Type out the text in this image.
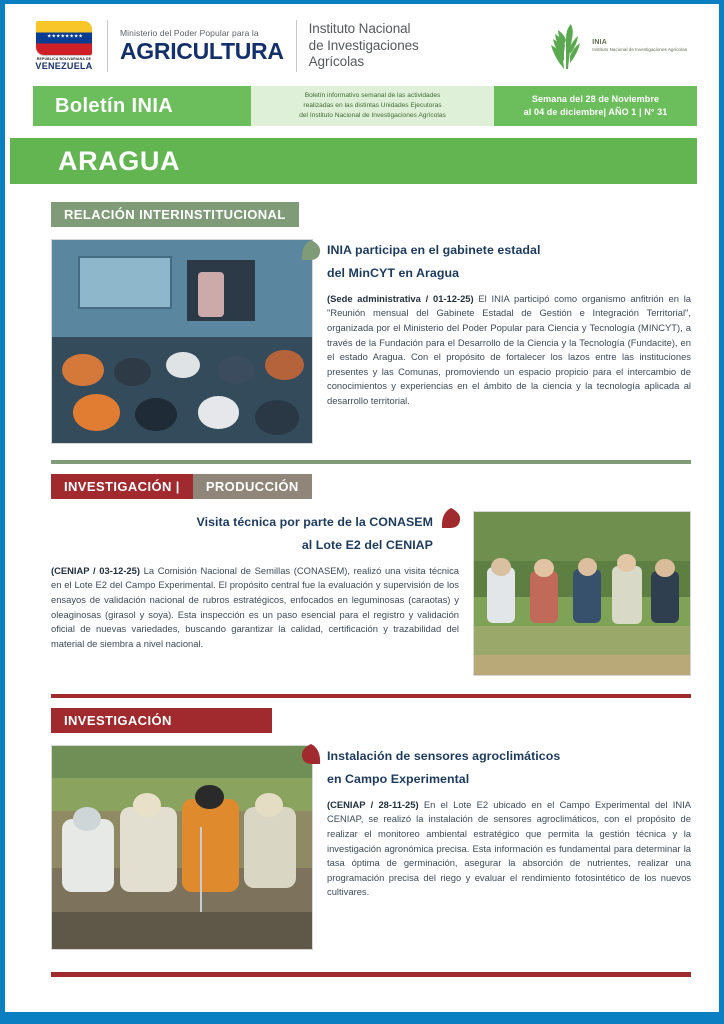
★★★★★★★★
REPÚBLICA BOLIVARIANA DE
VENEZUELA
Ministerio del Poder Popular para la
AGRICULTURA
Instituto Nacional
de Investigaciones
Agrícolas
INIA
Instituto Nacional de Investigaciones Agrícolas
Boletín INIA	Boletín informativo semanal de las actividades
realizadas en las distintas Unidades Ejecutoras
del Instituto Nacional de Investigaciones Agrícolas
Semana del 28 de Noviembre
al 04 de diciembre| AÑO 1 | N° 31
ARAGUA
RELACIÓN INTERINSTITUCIONAL
INIA participa en el gabinete estadal
del MinCYT en Aragua
(Sede administrativa / 01-12-25) El INIA participó como organismo anfitrión en la "Reunión mensual del Gabinete Estadal de Gestión e Integración Territorial", organizada por el Ministerio del Poder Popular para Ciencia y Tecnología (MINCYT), a través de la Fundación para el Desarrollo de la Ciencia y la Tecnología (Fundacite), en el estado Aragua. Con el propósito de fortalecer los lazos entre las instituciones presentes y las Comunas, promoviendo un espacio propicio para el intercambio de conocimientos y experiencias en el ámbito de la ciencia y la tecnología aplicada al desarrollo territorial.
INVESTIGACIÓN |	PRODUCCIÓN
Visita técnica por parte de la CONASEM
al Lote E2 del CENIAP
(CENIAP / 03-12-25) La Comisión Nacional de Semillas (CONASEM), realizó una visita técnica en el Lote E2 del Campo Experimental. El propósito central fue la evaluación y supervisión de los ensayos de validación nacional de rubros estratégicos, enfocados en leguminosas (caraotas) y oleaginosas (girasol y soya). Esta inspección es un paso esencial para el registro y validación oficial de nuevas variedades, buscando garantizar la calidad, certificación y trazabilidad del material de siembra a nivel nacional.
INVESTIGACIÓN
Instalación de sensores agroclimáticos
en Campo Experimental
(CENIAP / 28-11-25) En el Lote E2 ubicado en el Campo Experimental del INIA CENIAP, se realizó la instalación de sensores agroclimáticos, con el propósito de realizar el monitoreo ambiental estratégico que permita la gestión técnica y la investigación agronómica precisa. Esta información es fundamental para determinar la tasa óptima de germinación, asegurar la absorción de nutrientes, realizar una programación precisa del riego y evaluar el rendimiento fotosintético de los nuevos cultivares.
